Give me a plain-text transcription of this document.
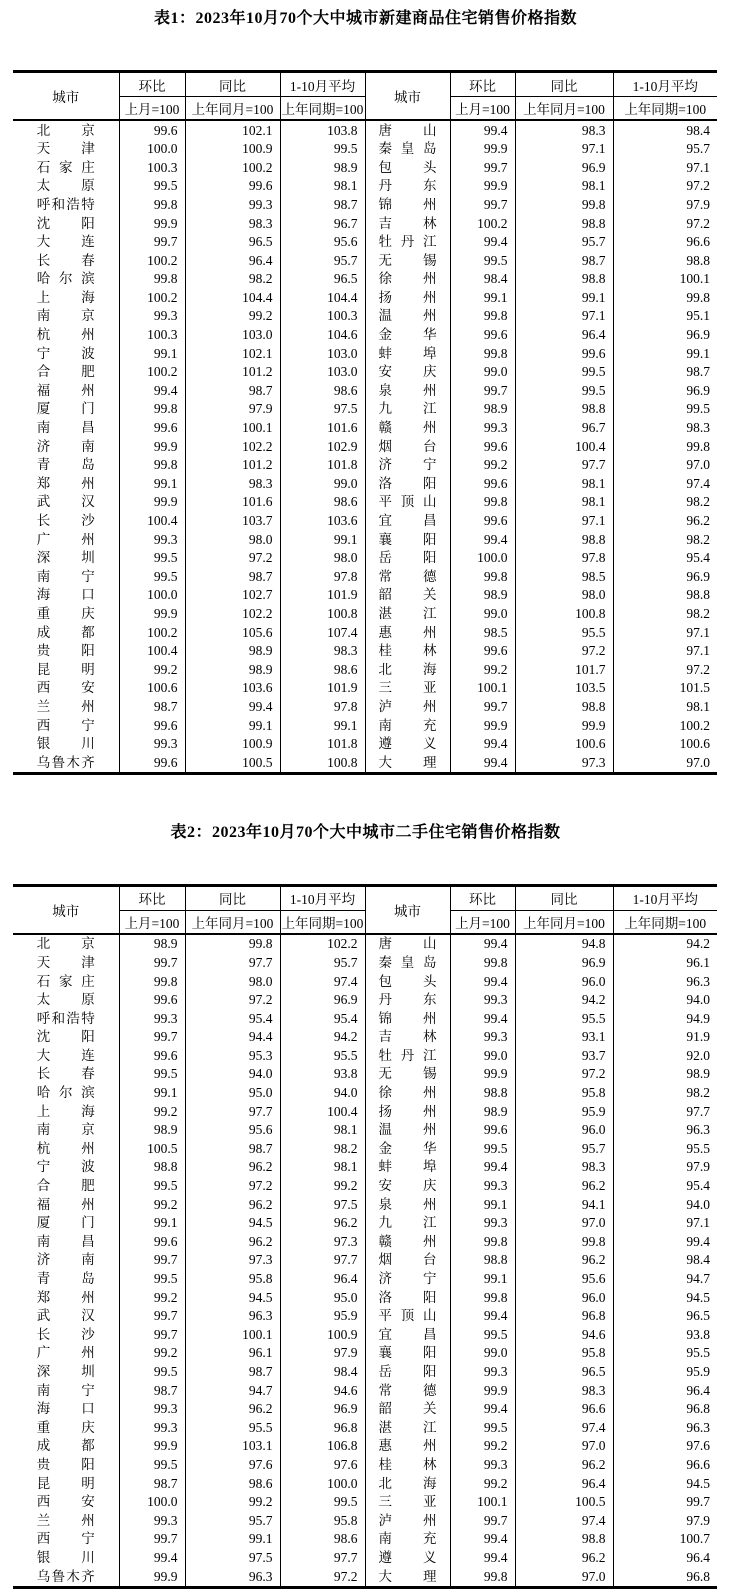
表1：2023年10月70个大中城市新建商品住宅销售价格指数
城市	环比	同比	1-10月平均	城市	环比	同比	1-10月平均
	上月=100	上年同月=100	上年同期=100		上月=100	上年同月=100	上年同期=100
北京	99.6	102.1	103.8	唐山	99.4	98.3	98.4
天津	100.0	100.9	99.5	秦皇岛	99.9	97.1	95.7
石家庄	100.3	100.2	98.9	包头	99.7	96.9	97.1
太原	99.5	99.6	98.1	丹东	99.9	98.1	97.2
呼和浩特	99.8	99.3	98.7	锦州	99.7	99.8	97.9
沈阳	99.9	98.3	96.7	吉林	100.2	98.8	97.2
大连	99.7	96.5	95.6	牡丹江	99.4	95.7	96.6
长春	100.2	96.4	95.7	无锡	99.5	98.7	98.8
哈尔滨	99.8	98.2	96.5	徐州	98.4	98.8	100.1
上海	100.2	104.4	104.4	扬州	99.1	99.1	99.8
南京	99.3	99.2	100.3	温州	99.8	97.1	95.1
杭州	100.3	103.0	104.6	金华	99.6	96.4	96.9
宁波	99.1	102.1	103.0	蚌埠	99.8	99.6	99.1
合肥	100.2	101.2	103.0	安庆	99.0	99.5	98.7
福州	99.4	98.7	98.6	泉州	99.7	99.5	96.9
厦门	99.8	97.9	97.5	九江	98.9	98.8	99.5
南昌	99.6	100.1	101.6	赣州	99.3	96.7	98.3
济南	99.9	102.2	102.9	烟台	99.6	100.4	99.8
青岛	99.8	101.2	101.8	济宁	99.2	97.7	97.0
郑州	99.1	98.3	99.0	洛阳	99.6	98.1	97.4
武汉	99.9	101.6	98.6	平顶山	99.8	98.1	98.2
长沙	100.4	103.7	103.6	宜昌	99.6	97.1	96.2
广州	99.3	98.0	99.1	襄阳	99.4	98.8	98.2
深圳	99.5	97.2	98.0	岳阳	100.0	97.8	95.4
南宁	99.5	98.7	97.8	常德	99.8	98.5	96.9
海口	100.0	102.7	101.9	韶关	98.9	98.0	98.8
重庆	99.9	102.2	100.8	湛江	99.0	100.8	98.2
成都	100.2	105.6	107.4	惠州	98.5	95.5	97.1
贵阳	100.4	98.9	98.3	桂林	99.6	97.2	97.1
昆明	99.2	98.9	98.6	北海	99.2	101.7	97.2
西安	100.6	103.6	101.9	三亚	100.1	103.5	101.5
兰州	98.7	99.4	97.8	泸州	99.7	98.8	98.1
西宁	99.6	99.1	99.1	南充	99.9	99.9	100.2
银川	99.3	100.9	101.8	遵义	99.4	100.6	100.6
乌鲁木齐	99.6	100.5	100.8	大理	99.4	97.3	97.0
表2：2023年10月70个大中城市二手住宅销售价格指数
城市	环比	同比	1-10月平均	城市	环比	同比	1-10月平均
	上月=100	上年同月=100	上年同期=100		上月=100	上年同月=100	上年同期=100
北京	98.9	99.8	102.2	唐山	99.4	94.8	94.2
天津	99.7	97.7	95.7	秦皇岛	99.8	96.9	96.1
石家庄	99.8	98.0	97.4	包头	99.4	96.0	96.3
太原	99.6	97.2	96.9	丹东	99.3	94.2	94.0
呼和浩特	99.3	95.4	95.4	锦州	99.4	95.5	94.9
沈阳	99.7	94.4	94.2	吉林	99.3	93.1	91.9
大连	99.6	95.3	95.5	牡丹江	99.0	93.7	92.0
长春	99.5	94.0	93.8	无锡	99.9	97.2	98.9
哈尔滨	99.1	95.0	94.0	徐州	98.8	95.8	98.2
上海	99.2	97.7	100.4	扬州	98.9	95.9	97.7
南京	98.9	95.6	98.1	温州	99.6	96.0	96.3
杭州	100.5	98.7	98.2	金华	99.5	95.7	95.5
宁波	98.8	96.2	98.1	蚌埠	99.4	98.3	97.9
合肥	99.5	97.2	99.2	安庆	99.3	96.2	95.4
福州	99.2	96.2	97.5	泉州	99.1	94.1	94.0
厦门	99.1	94.5	96.2	九江	99.3	97.0	97.1
南昌	99.6	96.2	97.3	赣州	99.8	99.8	99.4
济南	99.7	97.3	97.7	烟台	98.8	96.2	98.4
青岛	99.5	95.8	96.4	济宁	99.1	95.6	94.7
郑州	99.2	94.5	95.0	洛阳	99.8	96.0	94.5
武汉	99.7	96.3	95.9	平顶山	99.4	96.8	96.5
长沙	99.7	100.1	100.9	宜昌	99.5	94.6	93.8
广州	99.2	96.1	97.9	襄阳	99.0	95.8	95.5
深圳	99.5	98.7	98.4	岳阳	99.3	96.5	95.9
南宁	98.7	94.7	94.6	常德	99.9	98.3	96.4
海口	99.3	96.2	96.9	韶关	99.4	96.6	96.8
重庆	99.3	95.5	96.8	湛江	99.5	97.4	96.3
成都	99.9	103.1	106.8	惠州	99.2	97.0	97.6
贵阳	99.5	97.6	97.6	桂林	99.3	96.2	96.6
昆明	98.7	98.6	100.0	北海	99.2	96.4	94.5
西安	100.0	99.2	99.5	三亚	100.1	100.5	99.7
兰州	99.3	95.7	95.8	泸州	99.7	97.4	97.9
西宁	99.7	99.1	98.6	南充	99.4	98.8	100.7
银川	99.4	97.5	97.7	遵义	99.4	96.2	96.4
乌鲁木齐	99.9	96.3	97.2	大理	99.8	97.0	96.8
